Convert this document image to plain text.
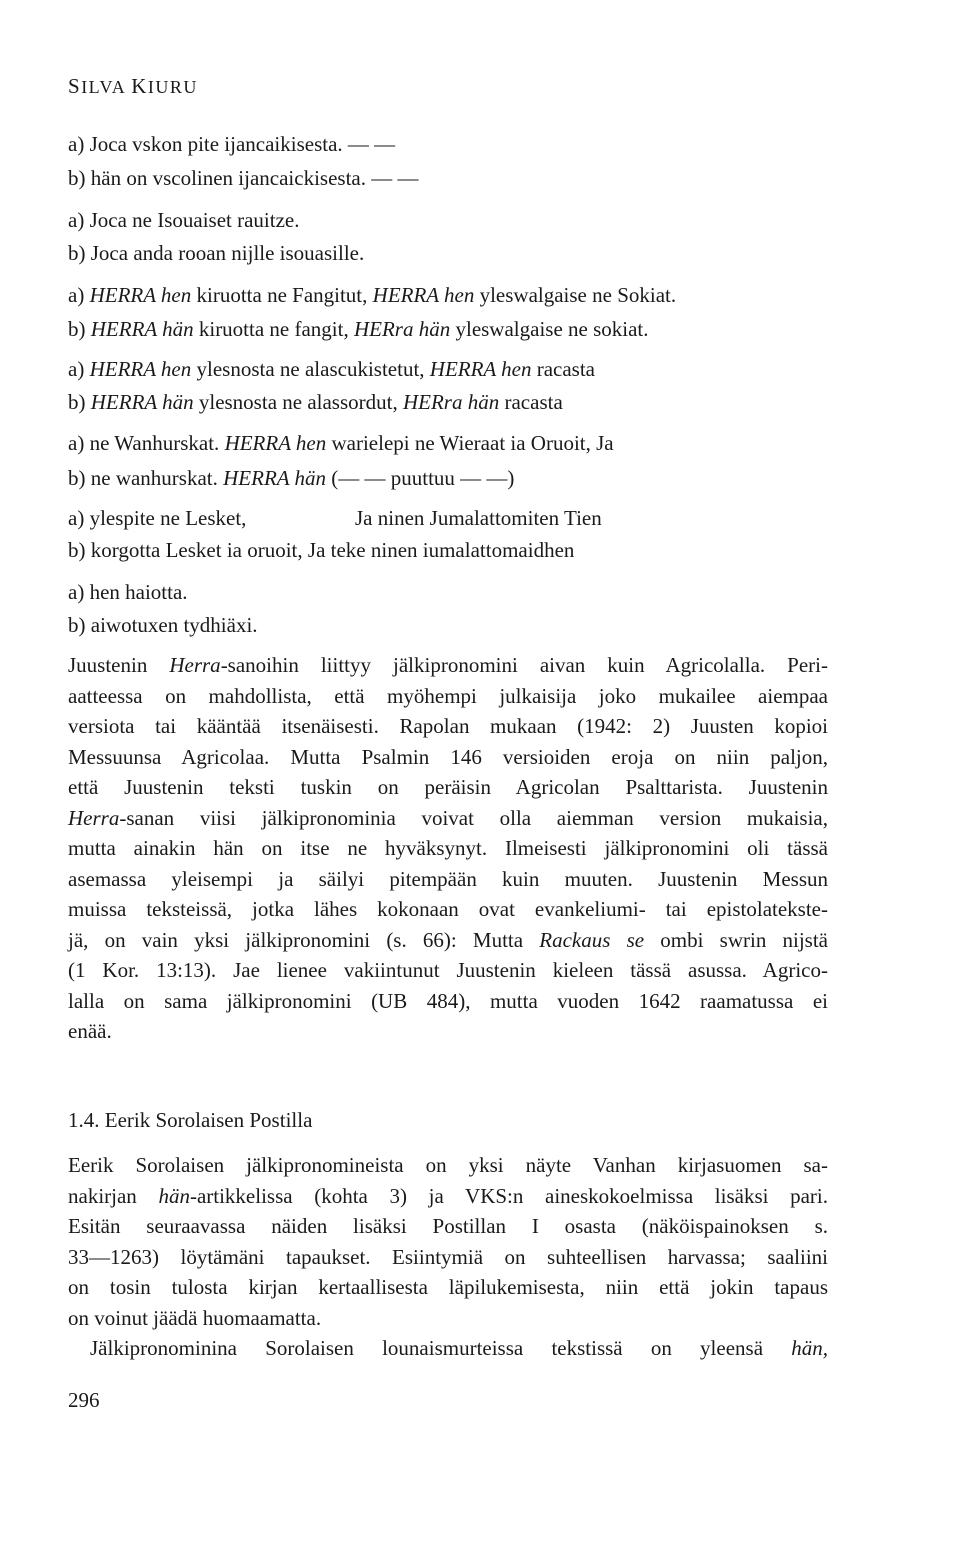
SILVA KIURU
a) Joca vskon pite ijancaikisesta. — —
b) hän on vscolinen ijancaickisesta. — —
a) Joca ne Isouaiset rauitze.
b) Joca anda rooan nijlle isouasille.
a) HERRA hen kiruotta ne Fangitut, HERRA hen yleswalgaise ne Sokiat.
b) HERRA hän kiruotta ne fangit, HERra hän yleswalgaise ne sokiat.
a) HERRA hen ylesnosta ne alascukistetut, HERRA hen racasta
b) HERRA hän ylesnosta ne alassordut, HERra hän racasta
a) ne Wanhurskat. HERRA hen warielepi ne Wieraat ia Oruoit, Ja
b) ne wanhurskat. HERRA hän (— — puuttuu — —)
a) ylespite ne Lesket,	Ja ninen Jumalattomiten Tien
b) korgotta Lesket ia oruoit, Ja teke ninen iumalattomaidhen
a) hen haiotta.
b) aiwotuxen tydhiäxi.
Juustenin Herra-sanoihin liittyy jälkipronomini aivan kuin Agricolalla. Peri-
aatteessa on mahdollista, että myöhempi julkaisija joko mukailee aiempaa
versiota tai kääntää itsenäisesti. Rapolan mukaan (1942: 2) Juusten kopioi
Messuunsa Agricolaa. Mutta Psalmin 146 versioiden eroja on niin paljon,
että Juustenin teksti tuskin on peräisin Agricolan Psalttarista. Juustenin
Herra-sanan viisi jälkipronominia voivat olla aiemman version mukaisia,
mutta ainakin hän on itse ne hyväksynyt. Ilmeisesti jälkipronomini oli tässä
asemassa yleisempi ja säilyi pitempään kuin muuten. Juustenin Messun
muissa teksteissä, jotka lähes kokonaan ovat evankeliumi- tai epistolatekste-
jä, on vain yksi jälkipronomini (s. 66): Mutta Rackaus se ombi swrin nijstä
(1 Kor. 13:13). Jae lienee vakiintunut Juustenin kieleen tässä asussa. Agrico-
lalla on sama jälkipronomini (UB 484), mutta vuoden 1642 raamatussa ei
enää.
1.4. Eerik Sorolaisen Postilla
Eerik Sorolaisen jälkipronomineista on yksi näyte Vanhan kirjasuomen sa-
nakirjan hän-artikkelissa (kohta 3) ja VKS:n aineskokoelmissa lisäksi pari.
Esitän seuraavassa näiden lisäksi Postillan I osasta (näköispainoksen s.
33—1263) löytämäni tapaukset. Esiintymiä on suhteellisen harvassa; saaliini
on tosin tulosta kirjan kertaallisesta läpilukemisesta, niin että jokin tapaus
on voinut jäädä huomaamatta.
Jälkipronominina Sorolaisen lounaismurteissa tekstissä on yleensä hän,
296
